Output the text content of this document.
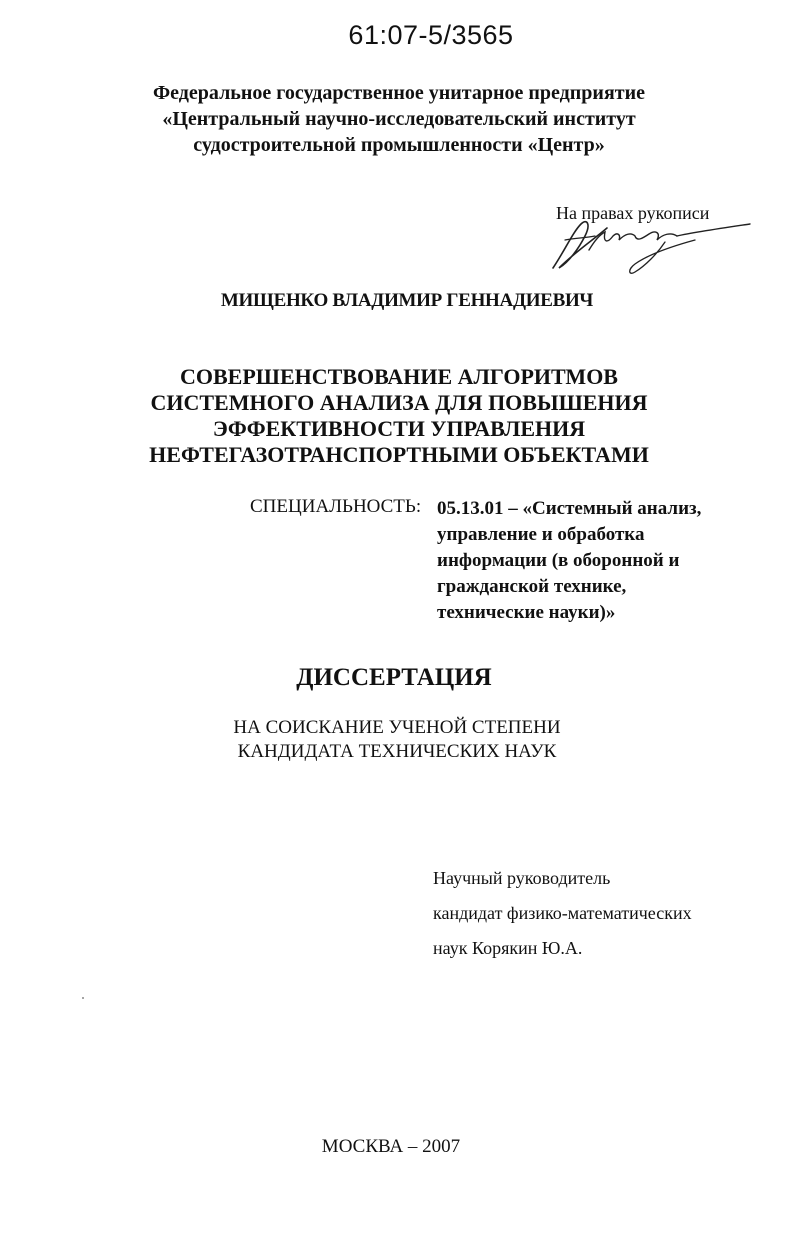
61:07-5/3565
Федеральное государственное унитарное предприятие
«Центральный научно-исследовательский институт
судостроительной промышленности «Центр»
На правах рукописи
МИЩЕНКО ВЛАДИМИР ГЕННАДИЕВИЧ
СОВЕРШЕНСТВОВАНИЕ АЛГОРИТМОВ
СИСТЕМНОГО АНАЛИЗА ДЛЯ ПОВЫШЕНИЯ
ЭФФЕКТИВНОСТИ УПРАВЛЕНИЯ
НЕФТЕГАЗОТРАНСПОРТНЫМИ ОБЪЕКТАМИ
СПЕЦИАЛЬНОСТЬ: 05.13.01 – «Системный анализ,
управление и обработка
информации (в оборонной и
гражданской технике,
технические науки)»
ДИССЕРТАЦИЯ
НА СОИСКАНИЕ УЧЕНОЙ СТЕПЕНИ
КАНДИДАТА ТЕХНИЧЕСКИХ НАУК
Научный руководитель
кандидат физико-математических
наук Корякин Ю.А.
МОСКВА – 2007
